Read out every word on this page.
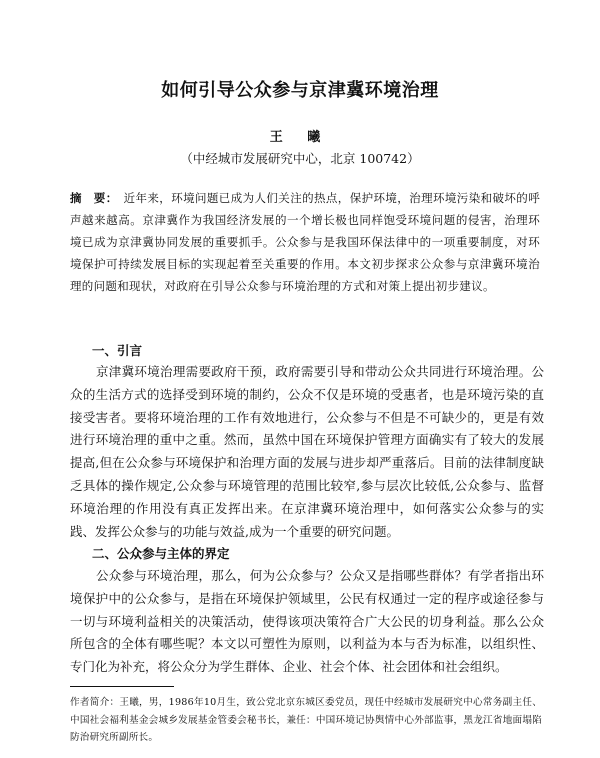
如何引导公众参与京津冀环境治理
王 曦
（中经城市发展研究中心，北京 100742）
摘　要： 近年来，环境问题已成为人们关注的热点，保护环境，治理环境污染和破坏的呼声越来越高。京津冀作为我国经济发展的一个增长极也同样饱受环境问题的侵害，治理环境已成为京津冀协同发展的重要抓手。公众参与是我国环保法律中的一项重要制度，对环境保护可持续发展目标的实现起着至关重要的作用。本文初步探求公众参与京津冀环境治理的问题和现状，对政府在引导公众参与环境治理的方式和对策上提出初步建议。
一、引言
京津冀环境治理需要政府干预，政府需要引导和带动公众共同进行环境治理。公众的生活方式的选择受到环境的制约，公众不仅是环境的受惠者，也是环境污染的直接受害者。要将环境治理的工作有效地进行，公众参与不但是不可缺少的，更是有效进行环境治理的重中之重。然而，虽然中国在环境保护管理方面确实有了较大的发展提高,但在公众参与环境保护和治理方面的发展与进步却严重落后。目前的法律制度缺乏具体的操作规定,公众参与环境管理的范围比较窄,参与层次比较低,公众参与、监督环境治理的作用没有真正发挥出来。在京津冀环境治理中，如何落实公众参与的实践、发挥公众参与的功能与效益,成为一个重要的研究问题。
二、公众参与主体的界定
公众参与环境治理，那么，何为公众参与？公众又是指哪些群体？有学者指出环境保护中的公众参与，是指在环境保护领域里，公民有权通过一定的程序或途径参与一切与环境利益相关的决策活动，使得该项决策符合广大公民的切身利益。那么公众所包含的全体有哪些呢？本文以可塑性为原则，以利益为本与否为标准，以组织性、专门化为补充，将公众分为学生群体、企业、社会个体、社会团体和社会组织。
作者简介：王曦，男，1986年10月生，致公党北京东城区委党员，现任中经城市发展研究中心常务副主任、中国社会福利基金会城乡发展基金管委会秘书长，兼任：中国环境记协舆情中心外部监事，黑龙江省地面塌陷防治研究所副所长。
